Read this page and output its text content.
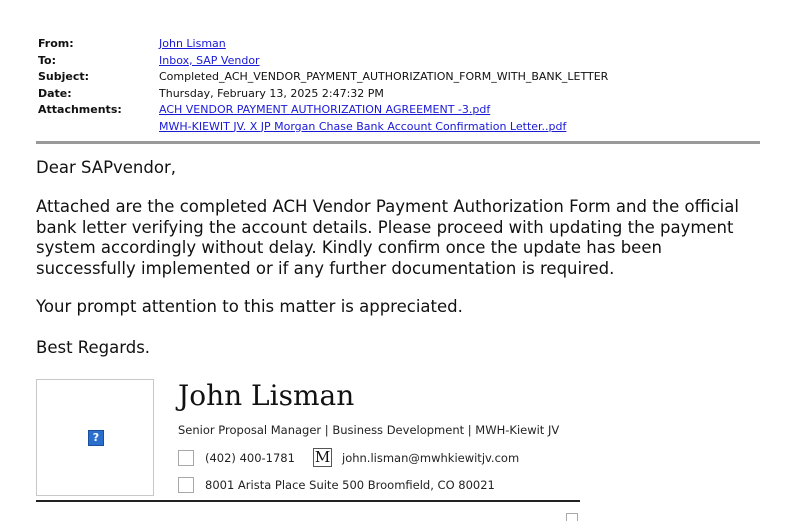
From:	John Lisman
To:	Inbox, SAP Vendor
Subject:	Completed_ACH_VENDOR_PAYMENT_AUTHORIZATION_FORM_WITH_BANK_LETTER
Date:	Thursday, February 13, 2025 2:47:32 PM
Attachments:	ACH VENDOR PAYMENT AUTHORIZATION AGREEMENT -3.pdf
MWH-KIEWIT JV. X JP Morgan Chase Bank Account Confirmation Letter..pdf

Dear SAPvendor,

Attached are the completed ACH Vendor Payment Authorization Form and the official bank letter verifying the account details. Please proceed with updating the payment system accordingly without delay. Kindly confirm once the update has been successfully implemented or if any further documentation is required.

Your prompt attention to this matter is appreciated.

Best Regards.

?
John Lisman
Senior Proposal Manager | Business Development | MWH-Kiewit JV
(402) 400-1781 M john.lisman@mwhkiewitjv.com
8001 Arista Place Suite 500 Broomfield, CO 80021
